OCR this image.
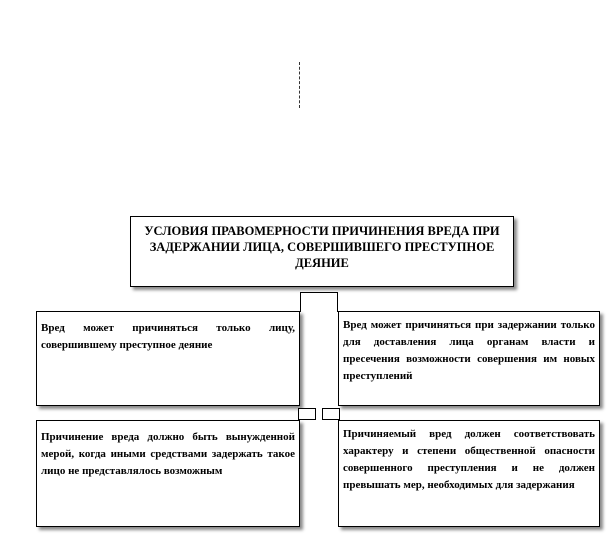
УСЛОВИЯ ПРАВОМЕРНОСТИ ПРИЧИНЕНИЯ ВРЕДА ПРИ ЗАДЕРЖАНИИ ЛИЦА, СОВЕРШИВШЕГО ПРЕСТУПНОЕ ДЕЯНИЕ
Вред может причиняться только лицу, совершившему преступное деяние
Вред может причиняться при задержании только для доставления лица органам власти и пресечения возможности совершения им новых преступлений
Причинение вреда должно быть вынужденной мерой, когда иными средствами задержать такое лицо не представлялось возможным
Причиняемый вред должен соответствовать характеру и степени общественной опасности совершенного преступления и не должен превышать мер, необходимых для задержания
